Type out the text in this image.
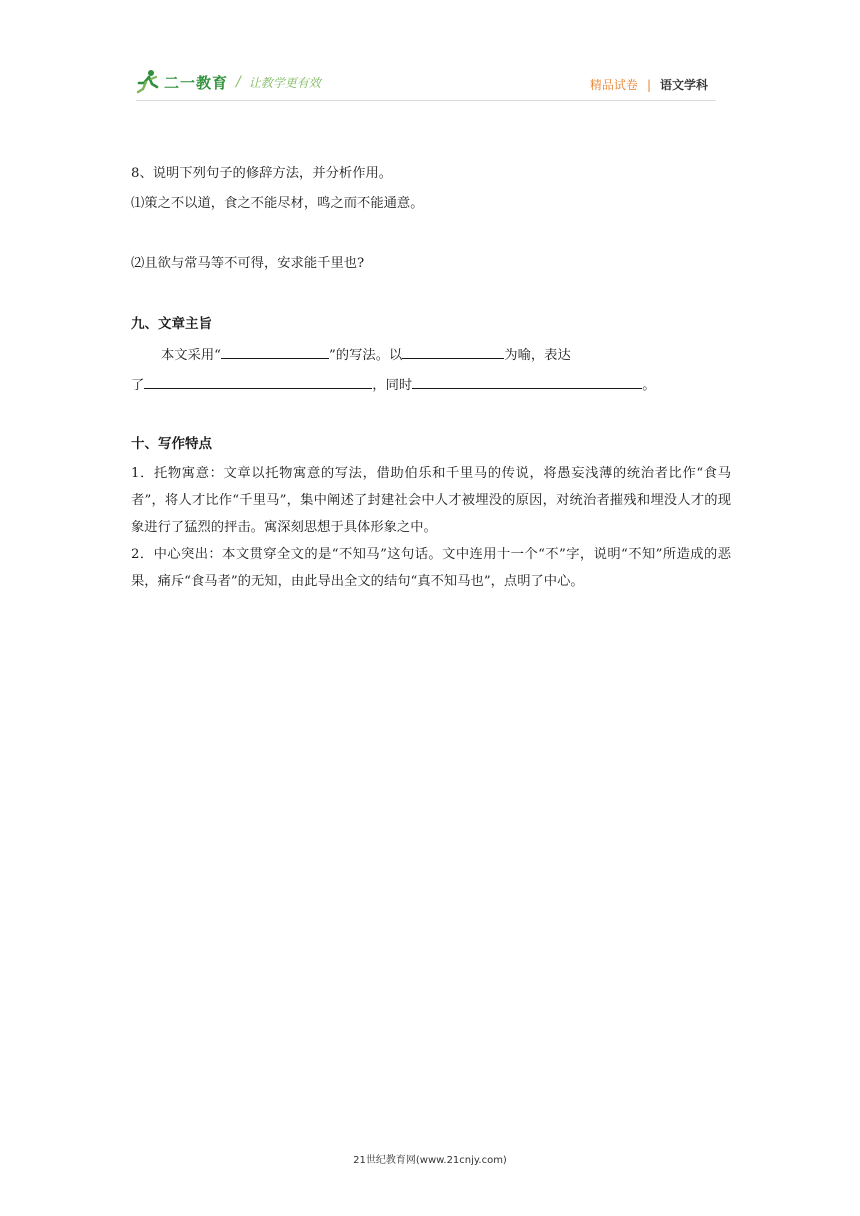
二一教育 / 让教学更有效	精品试卷 | 语文学科
8、说明下列句子的修辞方法，并分析作用。
⑴策之不以道，食之不能尽材，鸣之而不能通意。
⑵且欲与常马等不可得，安求能千里也?
九、文章主旨
本文采用“	”的写法。以	为喻，表达
了	，同时	。
十、写作特点
1．托物寓意：文章以托物寓意的写法，借助伯乐和千里马的传说，将愚妄浅薄的统治者比作“食马者”，将人才比作“千里马”，集中阐述了封建社会中人才被埋没的原因，对统治者摧残和埋没人才的现象进行了猛烈的抨击。寓深刻思想于具体形象之中。
2．中心突出：本文贯穿全文的是“不知马”这句话。文中连用十一个“不”字，说明“不知”所造成的恶果，痛斥“食马者”的无知，由此导出全文的结句“真不知马也”，点明了中心。
21世纪教育网(www.21cnjy.com)
